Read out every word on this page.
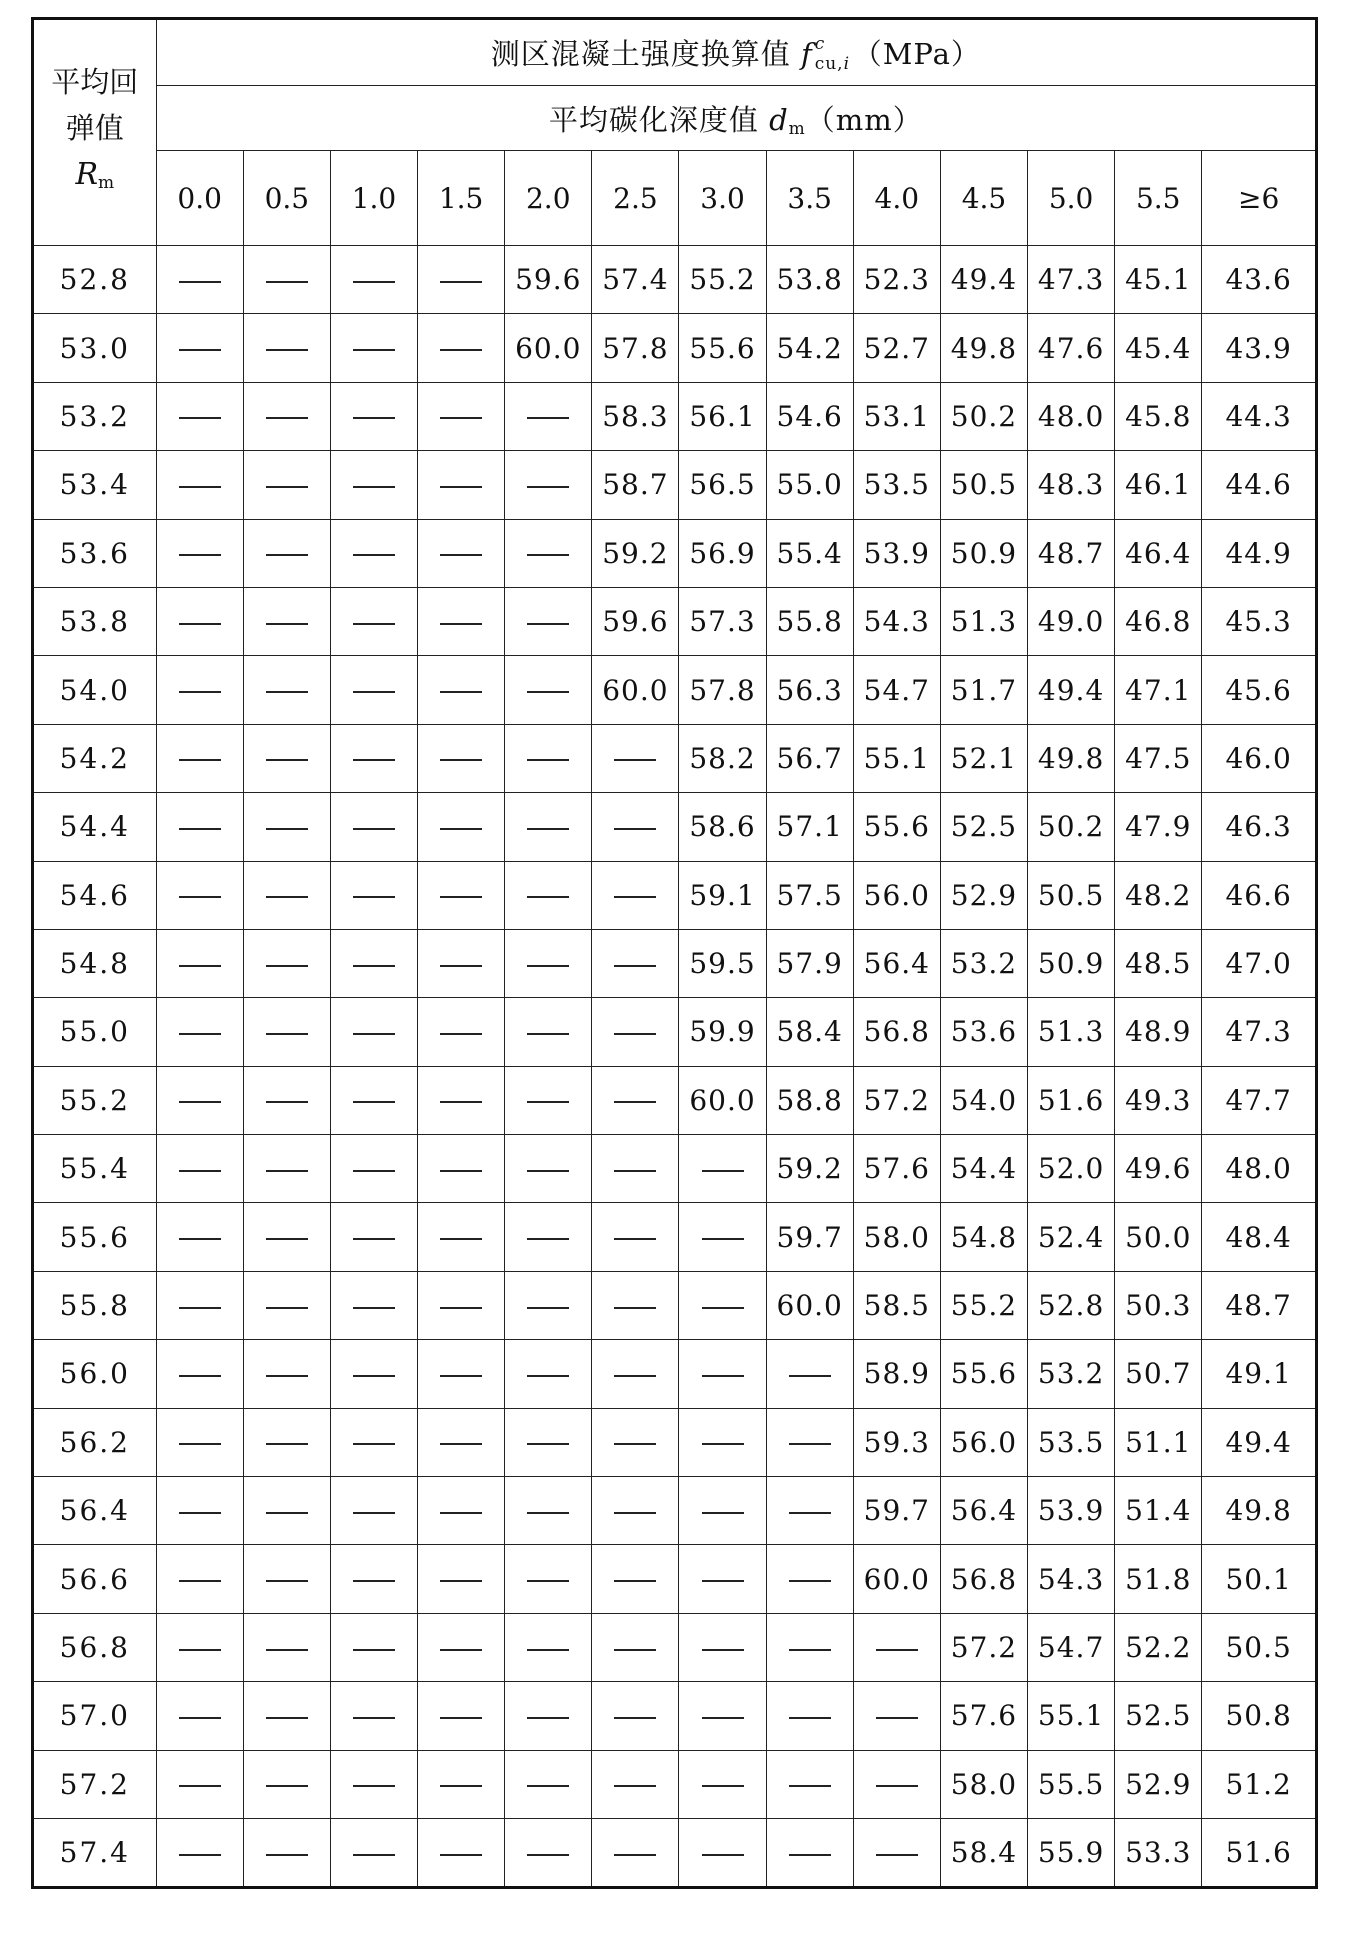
平均回
弹值
Rm	测区混凝土强度换算值 f c
cu,i （MPa）												
	平均碳化深度值 dm（mm）												
	0.0	0.5	1.0	1.5	2.0	2.5	3.0	3.5	4.0	4.5	5.0	5.5	≥6
52.8					59.6	57.4	55.2	53.8	52.3	49.4	47.3	45.1	43.6
53.0					60.0	57.8	55.6	54.2	52.7	49.8	47.6	45.4	43.9
53.2						58.3	56.1	54.6	53.1	50.2	48.0	45.8	44.3
53.4						58.7	56.5	55.0	53.5	50.5	48.3	46.1	44.6
53.6						59.2	56.9	55.4	53.9	50.9	48.7	46.4	44.9
53.8						59.6	57.3	55.8	54.3	51.3	49.0	46.8	45.3
54.0						60.0	57.8	56.3	54.7	51.7	49.4	47.1	45.6
54.2							58.2	56.7	55.1	52.1	49.8	47.5	46.0
54.4							58.6	57.1	55.6	52.5	50.2	47.9	46.3
54.6							59.1	57.5	56.0	52.9	50.5	48.2	46.6
54.8							59.5	57.9	56.4	53.2	50.9	48.5	47.0
55.0							59.9	58.4	56.8	53.6	51.3	48.9	47.3
55.2							60.0	58.8	57.2	54.0	51.6	49.3	47.7
55.4								59.2	57.6	54.4	52.0	49.6	48.0
55.6								59.7	58.0	54.8	52.4	50.0	48.4
55.8								60.0	58.5	55.2	52.8	50.3	48.7
56.0									58.9	55.6	53.2	50.7	49.1
56.2									59.3	56.0	53.5	51.1	49.4
56.4									59.7	56.4	53.9	51.4	49.8
56.6									60.0	56.8	54.3	51.8	50.1
56.8										57.2	54.7	52.2	50.5
57.0										57.6	55.1	52.5	50.8
57.2										58.0	55.5	52.9	51.2
57.4										58.4	55.9	53.3	51.6
